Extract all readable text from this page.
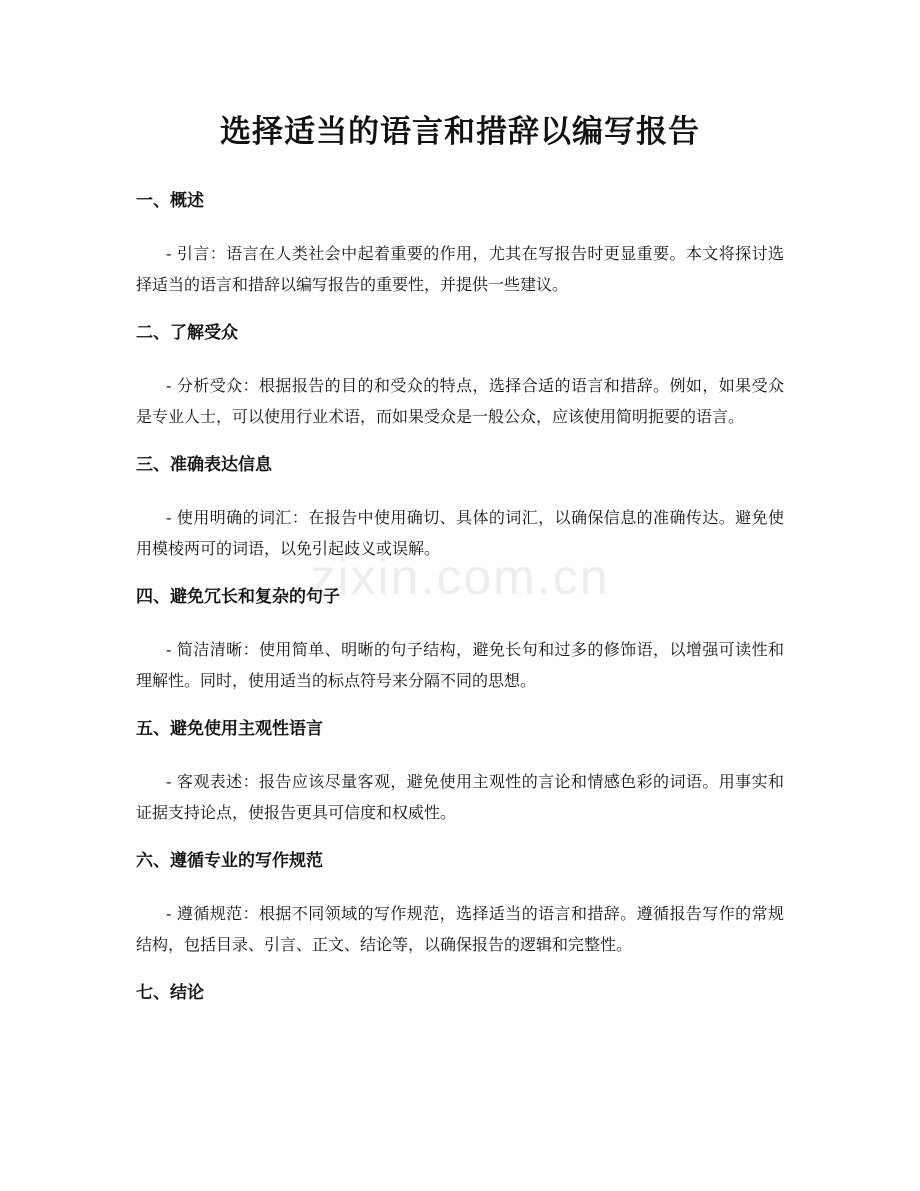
选择适当的语言和措辞以编写报告
一、概述

- 引言：语言在人类社会中起着重要的作用，尤其在写报告时更显重要。本文将探讨选择适当的语言和措辞以编写报告的重要性，并提供一些建议。

二、了解受众

- 分析受众：根据报告的目的和受众的特点，选择合适的语言和措辞。例如，如果受众是专业人士，可以使用行业术语，而如果受众是一般公众，应该使用简明扼要的语言。

三、准确表达信息

- 使用明确的词汇：在报告中使用确切、具体的词汇，以确保信息的准确传达。避免使用模棱两可的词语，以免引起歧义或误解。

四、避免冗长和复杂的句子

- 简洁清晰：使用简单、明晰的句子结构，避免长句和过多的修饰语，以增强可读性和理解性。同时，使用适当的标点符号来分隔不同的思想。

五、避免使用主观性语言

- 客观表述：报告应该尽量客观，避免使用主观性的言论和情感色彩的词语。用事实和证据支持论点，使报告更具可信度和权威性。

六、遵循专业的写作规范

- 遵循规范：根据不同领域的写作规范，选择适当的语言和措辞。遵循报告写作的常规结构，包括目录、引言、正文、结论等，以确保报告的逻辑和完整性。

七、结论
zixin.com.cn
